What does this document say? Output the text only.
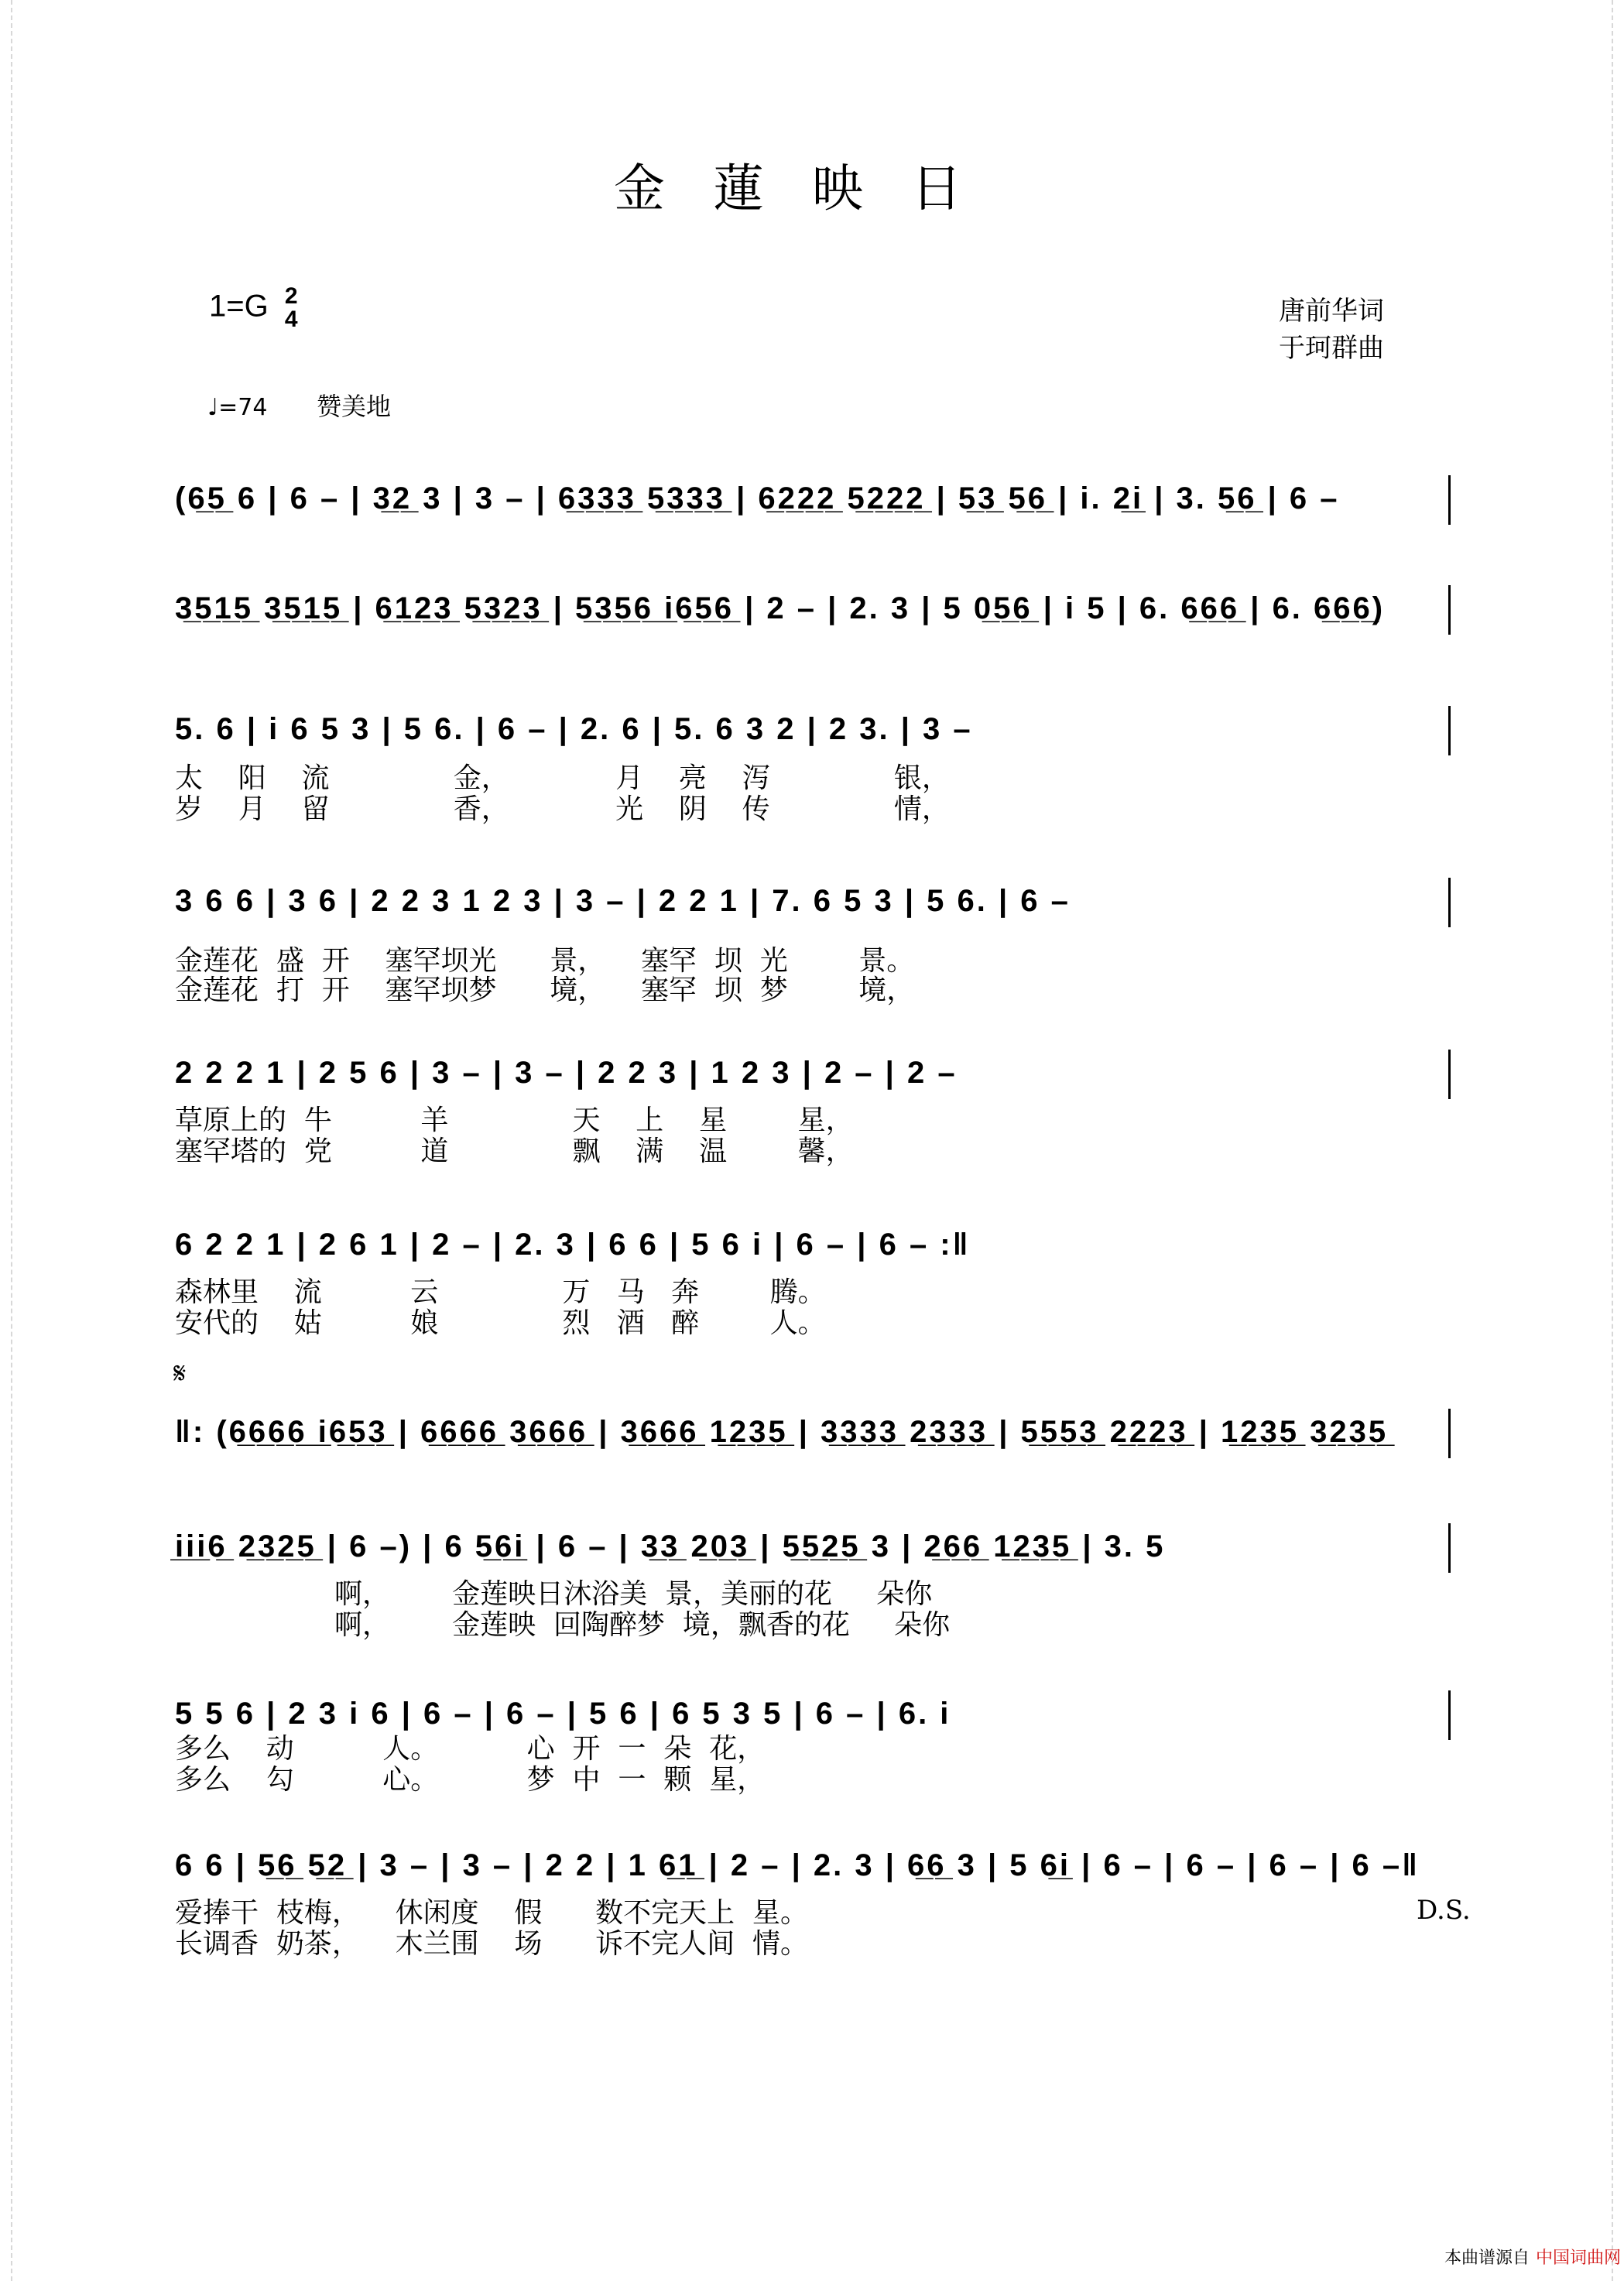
金蓮映日
1=G 2
4	唐前华词
于珂群曲
♩=74 赞美地
(6̲5̲ 6 | 6 – | 3̲2̲ 3 | 3 – | 6̲3̲3̲3̲ 5̲3̲3̲3̲ | 6̲2̲2̲2̲ 5̲2̲2̲2̲ | 5̲3̲ 5̲6̲ | i. 2̲i̲ | 3. 5̲6̲ | 6 –
3̲5̲1̲5̲ 3̲5̲1̲5̲ | 6̲1̲2̲3̲ 5̲3̲2̲3̲ | 5̲3̲5̲6̲ i̲6̲5̲6̲ | 2 – | 2. 3 | 5 0̲5̲6̲ | i 5 | 6. 6̲6̲6̲ | 6. 6̲6̲6̲)
5. 6 | i 6 5 3 | 5 6. | 6 – | 2. 6 | 5. 6 3 2 | 2 3. | 3 –
太    阳    流              金，            月    亮    泻              银，
岁    月    留              香，            光    阴    传              情，
3 6 6 | 3 6 | 2 2 3 1 2 3 | 3 – | 2 2 1 | 7. 6 5 3 | 5 6. | 6 –
金莲花  盛  开    塞罕坝光      景，    塞罕  坝  光        景。
金莲花  打  开    塞罕坝梦      境，    塞罕  坝  梦        境，
2 2 2 1 | 2 5 6 | 3 – | 3 – | 2 2 3 | 1 2 3 | 2 – | 2 –
草原上的  牛          羊              天    上    星        星，
塞罕塔的  党          道              飘    满    温        馨，
6 2 2 1 | 2 6 1 | 2 – | 2. 3 | 6 6 | 5 6 i | 6 – | 6 – :‖
森林里    流          云              万   马   奔        腾。
安代的    姑          娘              烈   酒   醉        人。
𝄋
‖: (6̲6̲6̲6̲ i̲6̲5̲3̲ | 6̲6̲6̲6̲ 3̲6̲6̲6̲ | 3̲6̲6̲6̲ 1̲2̲3̲5̲ | 3̲3̲3̲3̲ 2̲3̲3̲3̲ | 5̲5̲5̲3̲ 2̲2̲2̲3̲ | 1̲2̲3̲5̲ 3̲2̲3̲5̲
i̲i̲i̲6̲ 2̲3̲2̲5̲ | 6 –) | 6 5̲6̲i̲ | 6 – | 3̲3̲ 2̲0̲3̲ | 5̲5̲2̲5̲ 3 | 2̲6̲6̲ 1̲2̲3̲5̲ | 3. 5
啊，       金莲映日沐浴美  景，美丽的花     朵你
啊，       金莲映  回陶醉梦  境，飘香的花     朵你
5 5 6 | 2 3 i 6 | 6 – | 6 – | 5 6 | 6 5 3 5 | 6 – | 6. i
多么    动          人。          心  开  一  朵  花，
多么    勾          心。          梦  中  一  颗  星，
6 6 | 5̲6̲ 5̲2̲ | 3 – | 3 – | 2 2 | 1 6̲1̲ | 2 – | 2. 3 | 6̲6̲ 3 | 5 6̲i̲ | 6 – | 6 – | 6 – | 6 –‖
爱捧干  枝梅，    休闲度    假      数不完天上  星。
长调香  奶茶，    木兰围    场      诉不完人间  情。
D.S.
本曲谱源自 中国词曲网
